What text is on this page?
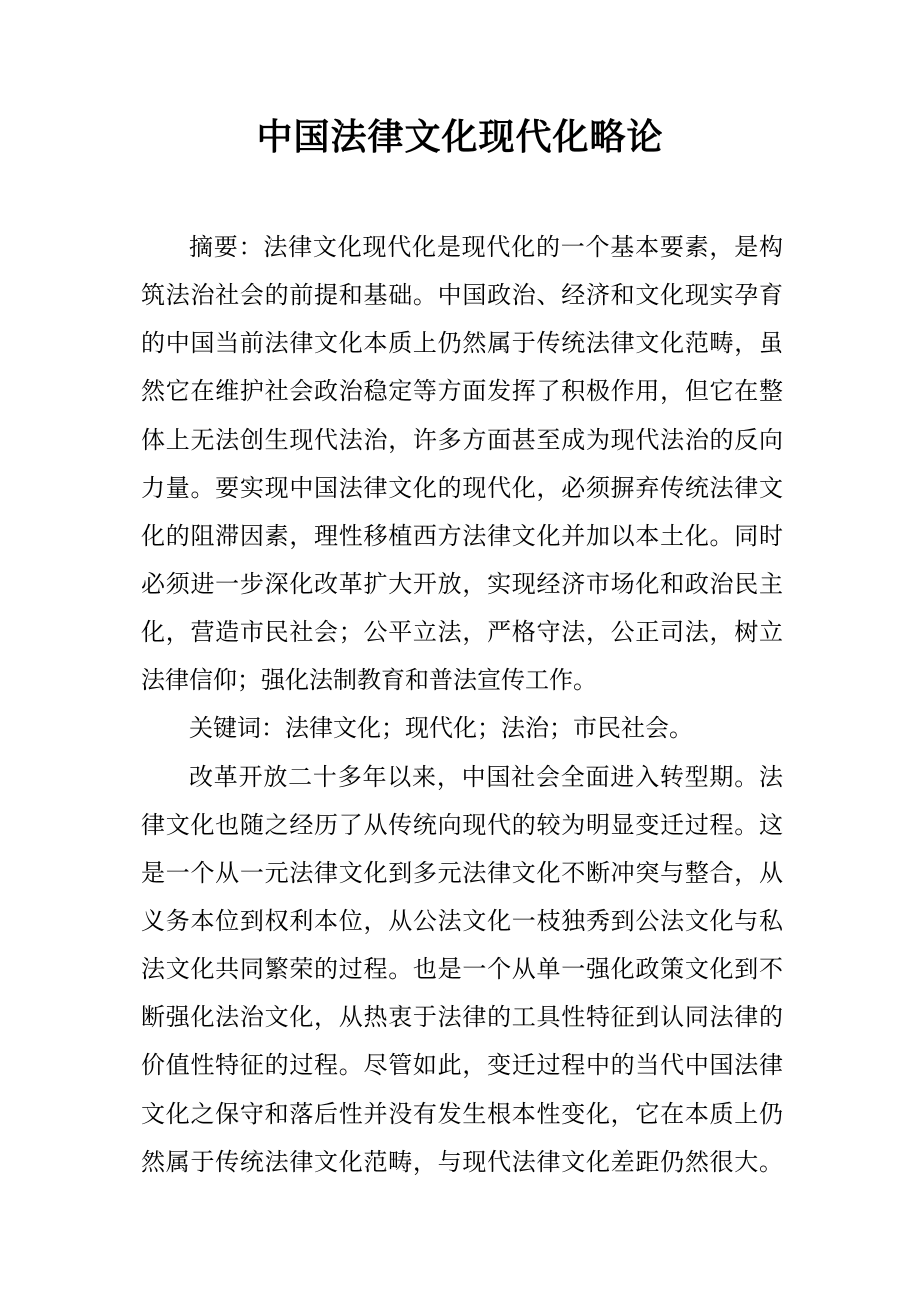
中国法律文化现代化略论
摘要：法律文化现代化是现代化的一个基本要素，是构
筑法治社会的前提和基础。中国政治、经济和文化现实孕育
的中国当前法律文化本质上仍然属于传统法律文化范畴，虽
然它在维护社会政治稳定等方面发挥了积极作用，但它在整
体上无法创生现代法治，许多方面甚至成为现代法治的反向
力量。要实现中国法律文化的现代化，必须摒弃传统法律文
化的阻滞因素，理性移植西方法律文化并加以本土化。同时
必须进一步深化改革扩大开放，实现经济市场化和政治民主
化，营造市民社会；公平立法，严格守法，公正司法，树立
法律信仰；强化法制教育和普法宣传工作。
关键词：法律文化；现代化；法治；市民社会。
改革开放二十多年以来，中国社会全面进入转型期。法
律文化也随之经历了从传统向现代的较为明显变迁过程。这
是一个从一元法律文化到多元法律文化不断冲突与整合，从
义务本位到权利本位，从公法文化一枝独秀到公法文化与私
法文化共同繁荣的过程。也是一个从单一强化政策文化到不
断强化法治文化，从热衷于法律的工具性特征到认同法律的
价值性特征的过程。尽管如此，变迁过程中的当代中国法律
文化之保守和落后性并没有发生根本性变化，它在本质上仍
然属于传统法律文化范畴，与现代法律文化差距仍然很大。
